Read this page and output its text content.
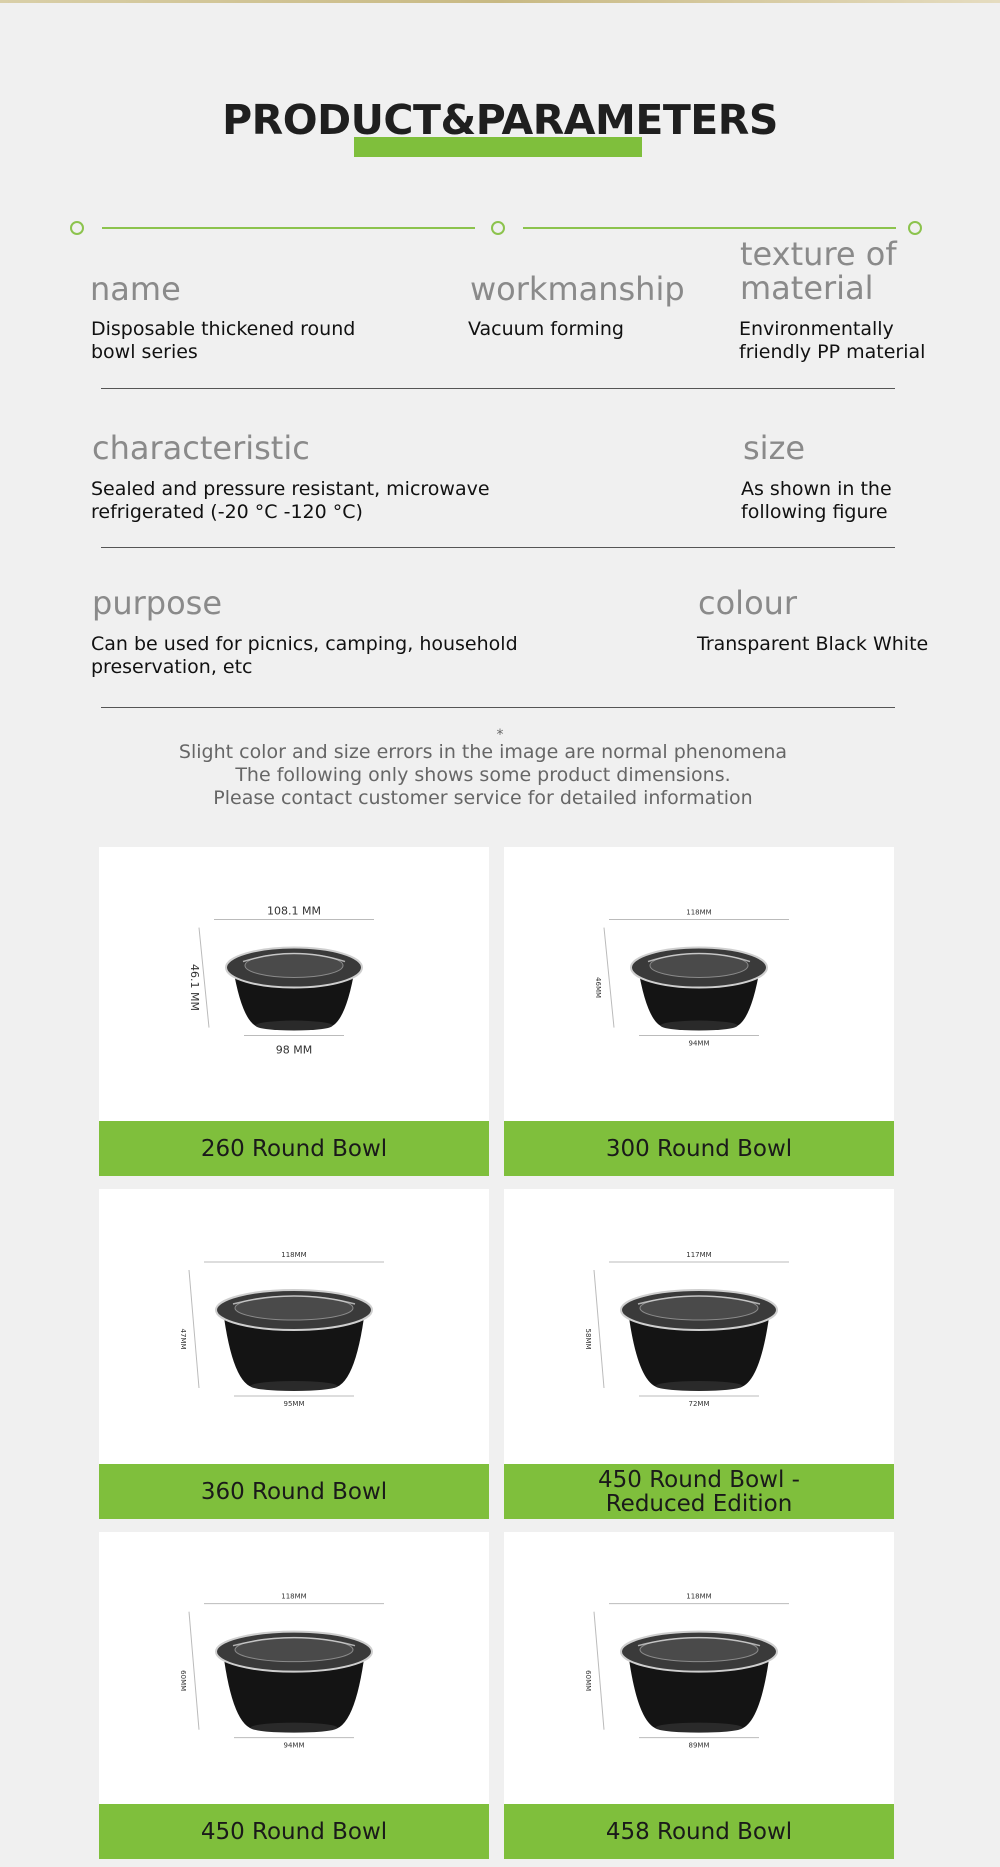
PRODUCT&PARAMETERS
name
Disposable thickened round
bowl series
workmanship
Vacuum forming
texture of
material
Environmentally
friendly PP material
characteristic
Sealed and pressure resistant, microwave
refrigerated (-20 °C -120 °C)
size
As shown in the
following figure
purpose
Can be used for picnics, camping, household
preservation, etc
colour
Transparent Black White
*
Slight color and size errors in the image are normal phenomena
The following only shows some product dimensions.
Please contact customer service for detailed information
108.1 MM
98 MM
46.1 MM
260 Round Bowl
118MM
94MM
46MM
300 Round Bowl
118MM
95MM
47MM
360 Round Bowl
117MM
72MM
58MM
450 Round Bowl -
Reduced Edition
118MM
94MM
60MM
450 Round Bowl
118MM
89MM
60MM
458 Round Bowl
